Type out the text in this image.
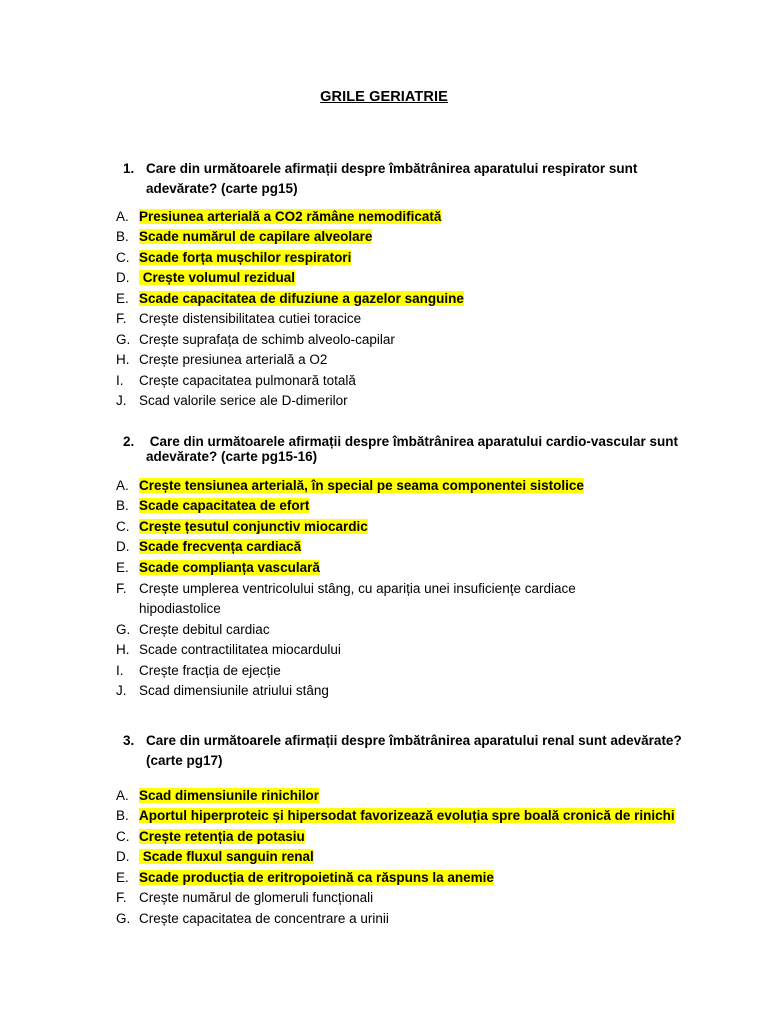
GRILE GERIATRIE
1. Care din următoarele afirmații despre îmbătrânirea aparatului respirator sunt adevărate? (carte pg15)
A. Presiunea arterială a CO2 rămâne nemodificată
B. Scade numărul de capilare alveolare
C. Scade forța mușchilor respiratori
D. Crește volumul rezidual
E. Scade capacitatea de difuziune a gazelor sanguine
F. Crește distensibilitatea cutiei toracice
G. Crește suprafața de schimb alveolo-capilar
H. Crește presiunea arterială a O2
I.	Crește capacitatea pulmonară totală
J. Scad valorile serice ale D-dimerilor
2. Care din următoarele afirmații despre îmbătrânirea aparatului cardio-vascular sunt adevărate? (carte pg15-16)
A. Crește tensiunea arterială, în special pe seama componentei sistolice
B. Scade capacitatea de efort
C. Crește țesutul conjunctiv miocardic
D. Scade frecvența cardiacă
E. Scade complianța vasculară
F. Crește umplerea ventricolului stâng, cu apariția unei insuficiențe cardiace hipodiastolice
G. Crește debitul cardiac
H. Scade contractilitatea miocardului
I.	Crește fracția de ejecție
J. Scad dimensiunile atriului stâng
3. Care din următoarele afirmații despre îmbătrânirea aparatului renal sunt adevărate? (carte pg17)
A. Scad dimensiunile rinichilor
B. Aportul hiperproteic și hipersodat favorizează evoluția spre boală cronică de rinichi
C. Crește retenția de potasiu
D. Scade fluxul sanguin renal
E. Scade producția de eritropoietină ca răspuns la anemie
F. Crește numărul de glomeruli funcționali
G. Crește capacitatea de concentrare a urinii
